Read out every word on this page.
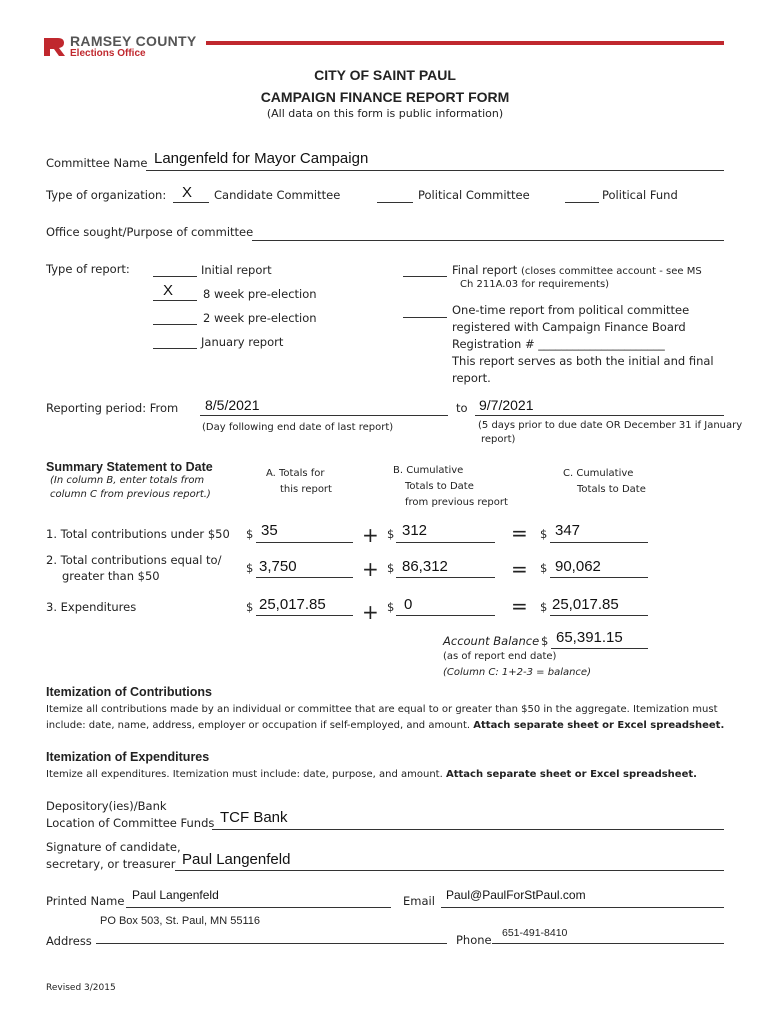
RAMSEY COUNTY
Elections Office
CITY OF SAINT PAUL
CAMPAIGN FINANCE REPORT FORM
(All data on this form is public information)
Committee Name Langenfeld for Mayor Campaign
Type of organization: X Candidate Committee	Political Committee	Political Fund
Office sought/Purpose of committee
Type of report:	Initial report
X	8 week pre-election
2 week pre-election
January report
Final report (closes committee account - see MS
Ch 211A.03 for requirements)
One-time report from political committee
registered with Campaign Finance Board
Registration # ______________________
This report serves as both the initial and final
report.
Reporting period: From 8/5/2021	to 9/7/2021
(Day following end date of last report)	(5 days prior to due date OR December 31 if January
report)
Summary Statement to Date
(In column B, enter totals from
column C from previous report.)
A. Totals for
this report
B. Cumulative
Totals to Date
from previous report
C. Cumulative
Totals to Date
1. Total contributions under $50 $ 35	+ $ 312	= $ 347
2. Total contributions equal to/
greater than $50
$ 3,750	+ $ 86,312	= $ 90,062
3. Expenditures	$ 25,017.85 + $ 0	= $ 25,017.85
Account Balance $ 65,391.15
(as of report end date)
(Column C: 1+2-3 = balance)
Itemization of Contributions
Itemize all contributions made by an individual or committee that are equal to or greater than $50 in the aggregate. Itemization must
include: date, name, address, employer or occupation if self-employed, and amount. Attach separate sheet or Excel spreadsheet.
Itemization of Expenditures
Itemize all expenditures. Itemization must include: date, purpose, and amount. Attach separate sheet or Excel spreadsheet.
Depository(ies)/Bank
Location of Committee Funds TCF Bank
Signature of candidate,
secretary, or treasurer Paul Langenfeld
Printed Name Paul Langenfeld	Email Paul@PaulForStPaul.com
PO Box 503, St. Paul, MN 55116
Address	Phone 651-491-8410
Revised 3/2015
